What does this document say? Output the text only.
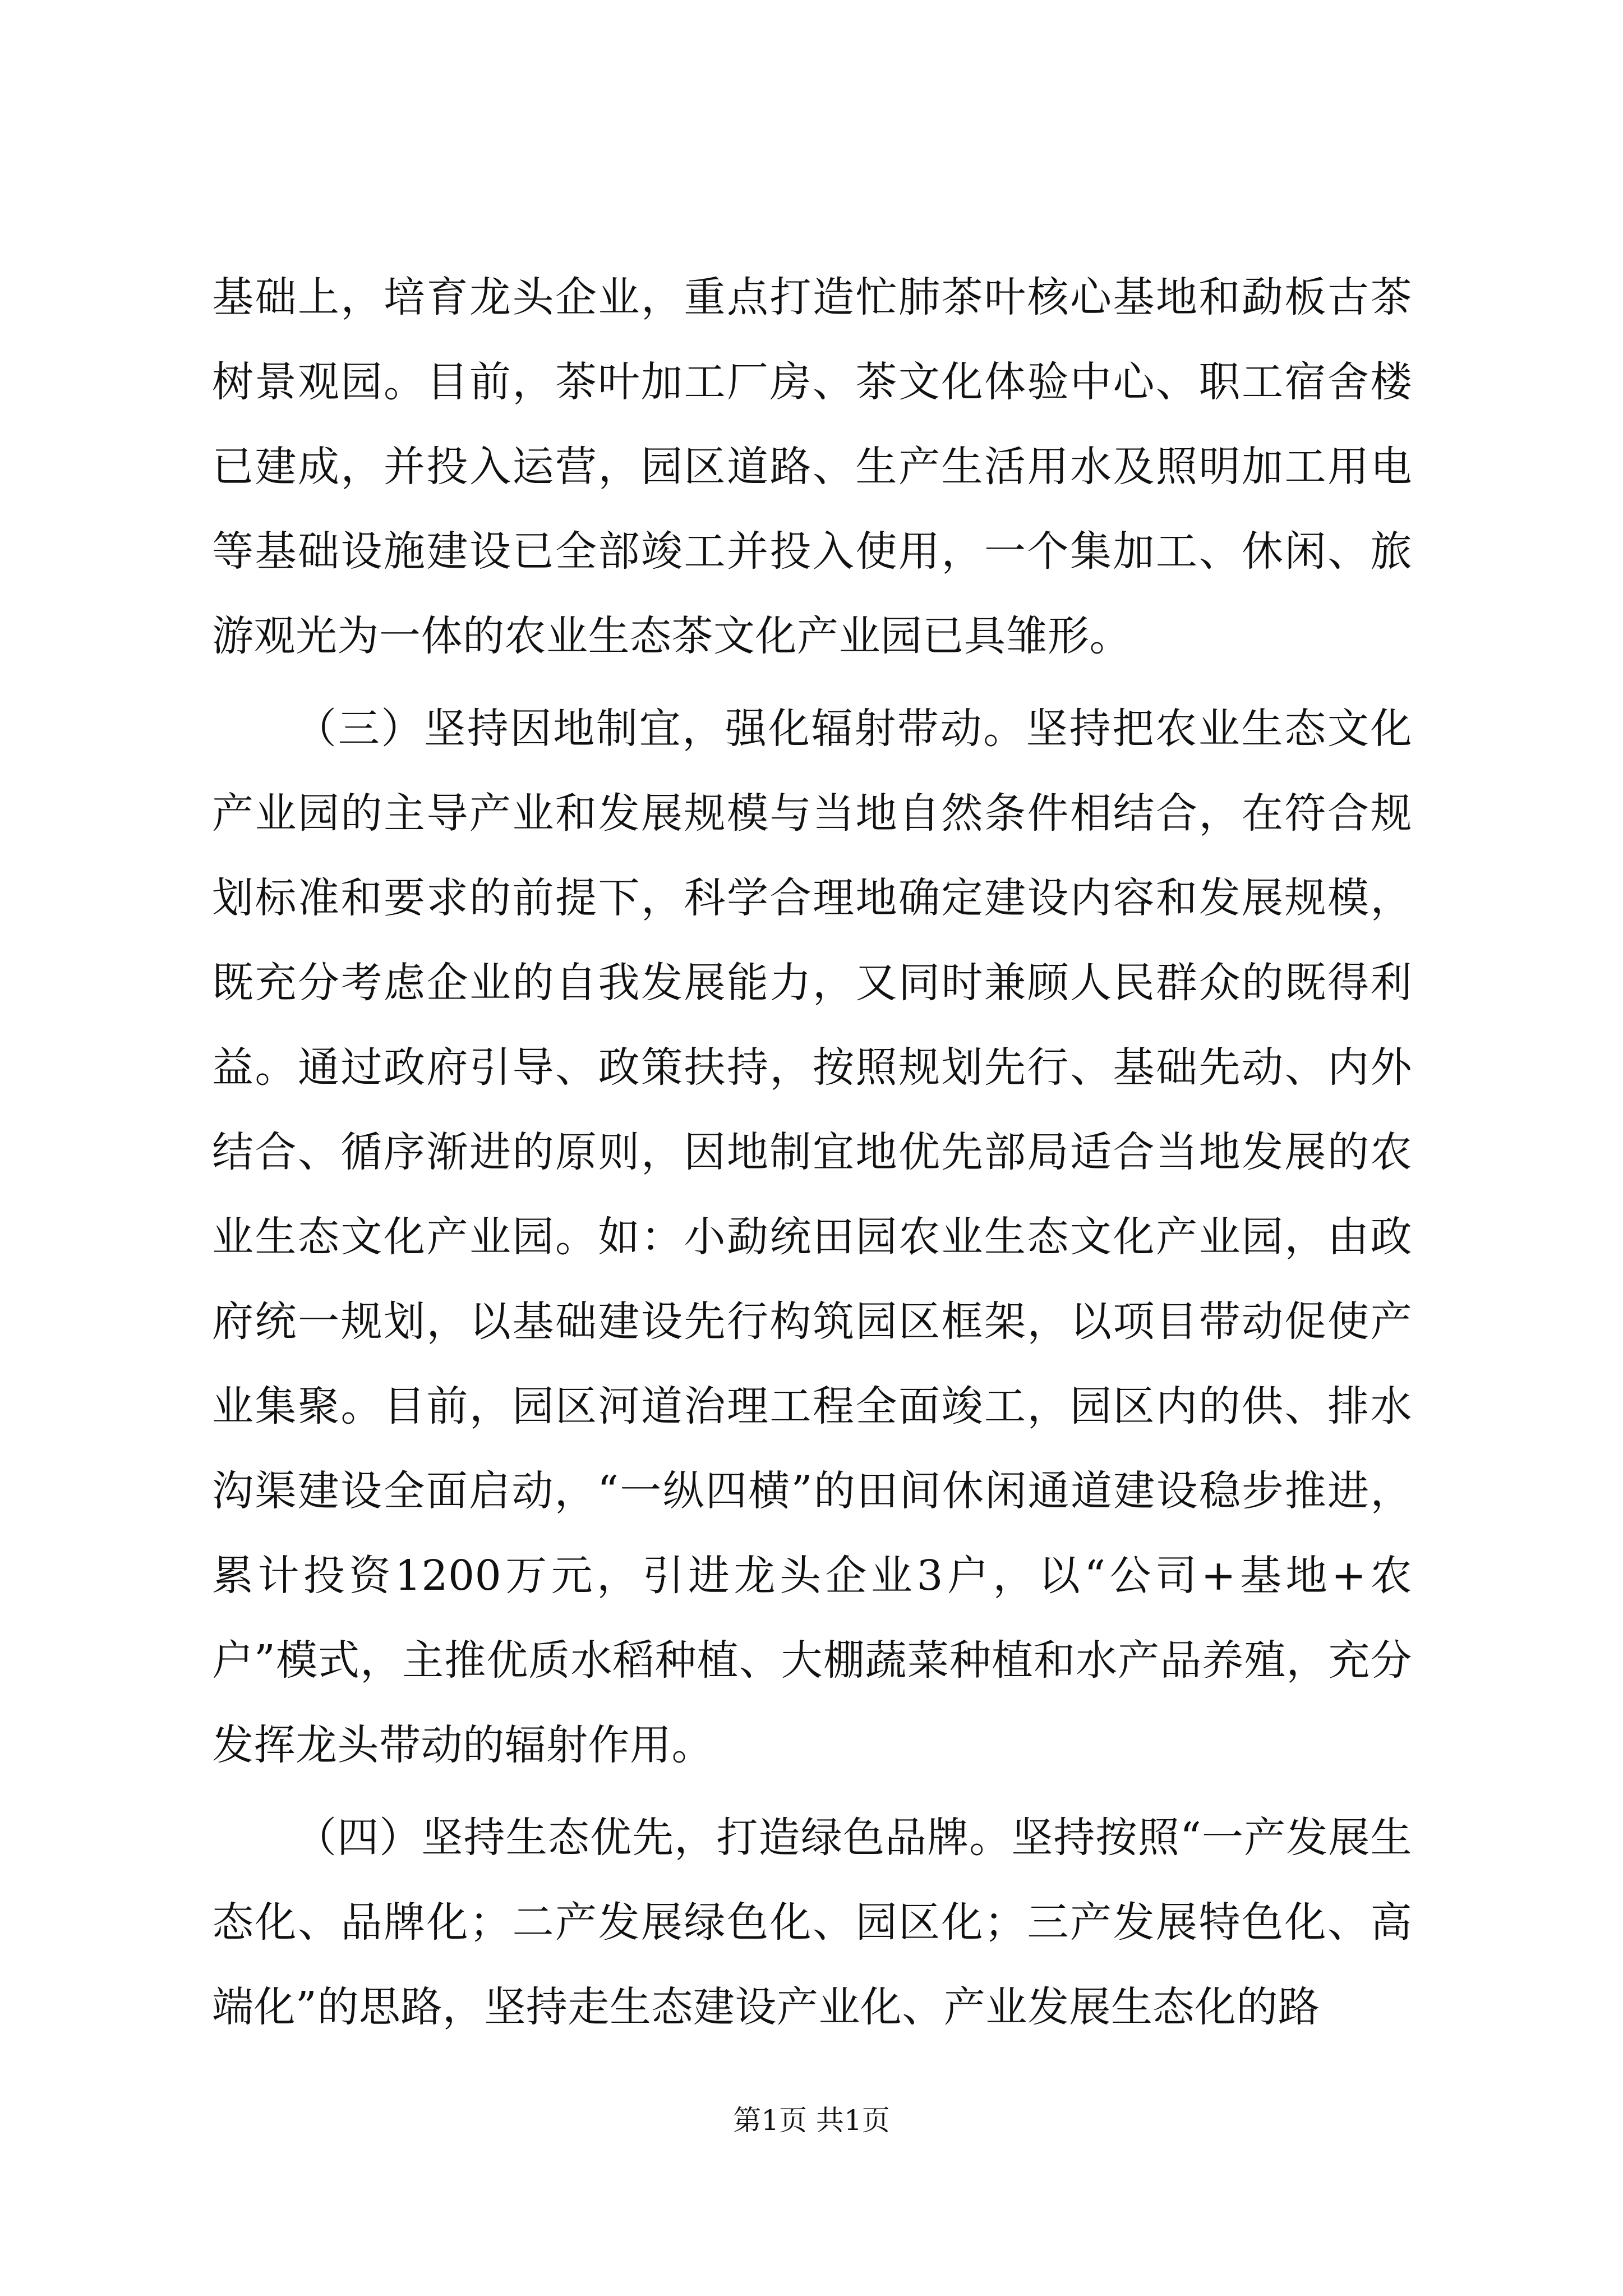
基础上，培育龙头企业，重点打造忙肺茶叶核心基地和勐板古茶树景观园。目前，茶叶加工厂房、茶文化体验中心、职工宿舍楼已建成，并投入运营，园区道路、生产生活用水及照明加工用电等基础设施建设已全部竣工并投入使用，一个集加工、休闲、旅游观光为一体的农业生态茶文化产业园已具雏形。

（三）坚持因地制宜，强化辐射带动。坚持把农业生态文化产业园的主导产业和发展规模与当地自然条件相结合，在符合规划标准和要求的前提下，科学合理地确定建设内容和发展规模，既充分考虑企业的自我发展能力，又同时兼顾人民群众的既得利益。通过政府引导、政策扶持，按照规划先行、基础先动、内外结合、循序渐进的原则，因地制宜地优先部局适合当地发展的农业生态文化产业园。如：小勐统田园农业生态文化产业园，由政府统一规划，以基础建设先行构筑园区框架，以项目带动促使产业集聚。目前，园区河道治理工程全面竣工，园区内的供、排水沟渠建设全面启动，“一纵四横”的田间休闲通道建设稳步推进，累计投资1200万元，引进龙头企业3户，以“公司+基地+农户”模式，主推优质水稻种植、大棚蔬菜种植和水产品养殖，充分发挥龙头带动的辐射作用。

（四）坚持生态优先，打造绿色品牌。坚持按照“一产发展生态化、品牌化；二产发展绿色化、园区化；三产发展特色化、高端化”的思路，坚持走生态建设产业化、产业发展生态化的路

第1页 共1页
